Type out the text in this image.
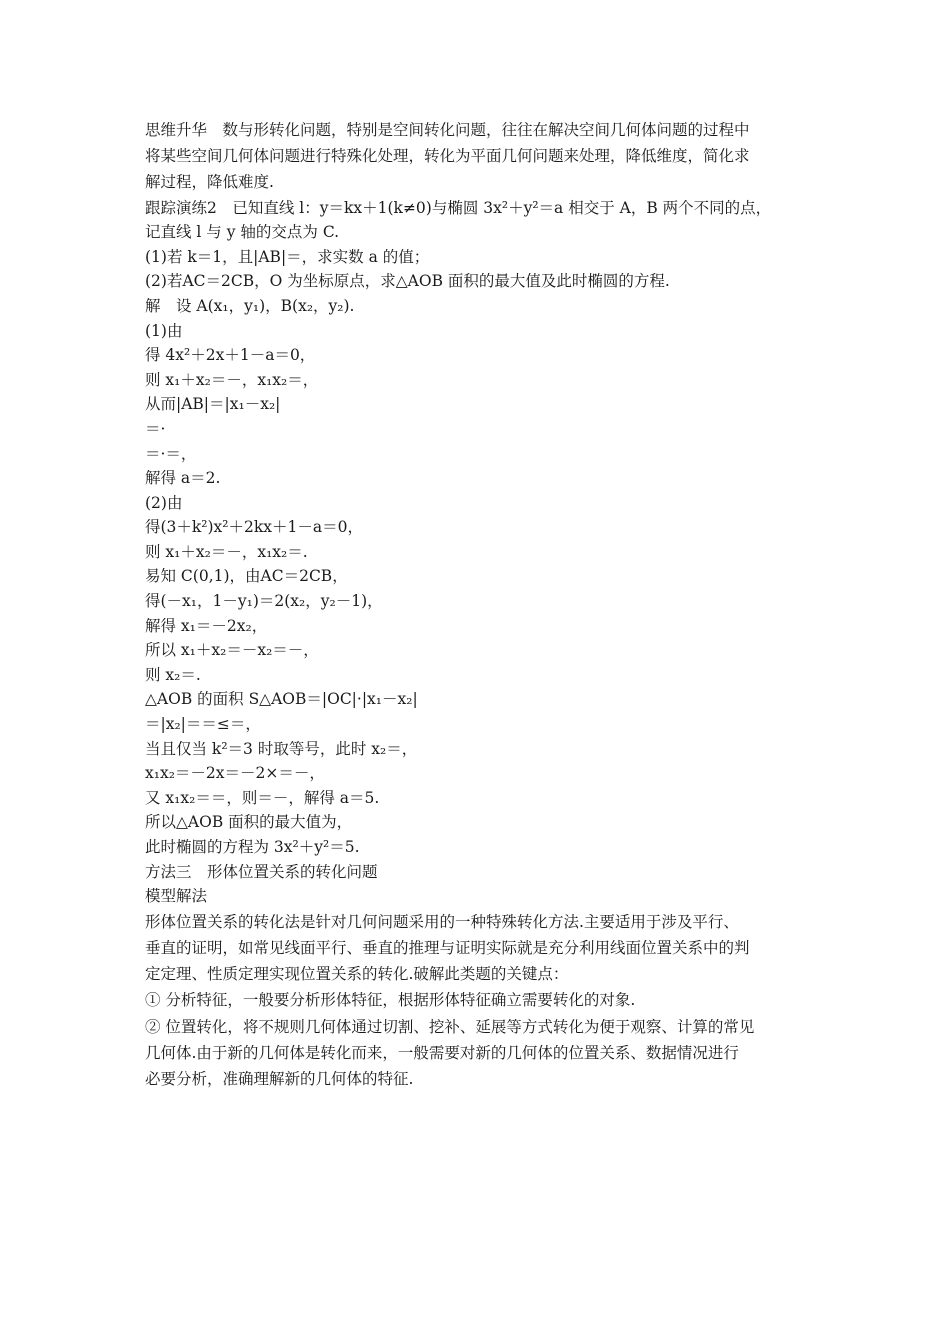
思维升华　数与形转化问题，特别是空间转化问题，往往在解决空间几何体问题的过程中
将某些空间几何体问题进行特殊化处理，转化为平面几何问题来处理，降低维度，简化求
解过程，降低难度.
跟踪演练2　已知直线 l：y＝kx＋1(k≠0)与椭圆 3x²＋y²＝a 相交于 A，B 两个不同的点，
记直线 l 与 y 轴的交点为 C.
(1)若 k＝1，且|AB|＝，求实数 a 的值；
(2)若AC＝2CB，O 为坐标原点，求△AOB 面积的最大值及此时椭圆的方程.
解　设 A(x₁，y₁)，B(x₂，y₂).
(1)由
得 4x²＋2x＋1－a＝0，
则 x₁＋x₂＝－，x₁x₂＝，
从而|AB|＝|x₁－x₂|
＝·
＝·＝，
解得 a＝2.
(2)由
得(3＋k²)x²＋2kx＋1－a＝0，
则 x₁＋x₂＝－，x₁x₂＝.
易知 C(0,1)，由AC＝2CB，
得(－x₁，1－y₁)＝2(x₂，y₂－1)，
解得 x₁＝－2x₂，
所以 x₁＋x₂＝－x₂＝－，
则 x₂＝.
△AOB 的面积 S△AOB＝|OC|·|x₁－x₂|
＝|x₂|＝＝≤＝，
当且仅当 k²＝3 时取等号，此时 x₂＝，
x₁x₂＝－2x＝－2×＝－，
又 x₁x₂＝＝，则＝－，解得 a＝5.
所以△AOB 面积的最大值为，
此时椭圆的方程为 3x²＋y²＝5.
方法三　形体位置关系的转化问题
模型解法
形体位置关系的转化法是针对几何问题采用的一种特殊转化方法.主要适用于涉及平行、
垂直的证明，如常见线面平行、垂直的推理与证明实际就是充分利用线面位置关系中的判
定定理、性质定理实现位置关系的转化.破解此类题的关键点：
① 分析特征，一般要分析形体特征，根据形体特征确立需要转化的对象.
② 位置转化，将不规则几何体通过切割、挖补、延展等方式转化为便于观察、计算的常见
几何体.由于新的几何体是转化而来，一般需要对新的几何体的位置关系、数据情况进行
必要分析，准确理解新的几何体的特征.
